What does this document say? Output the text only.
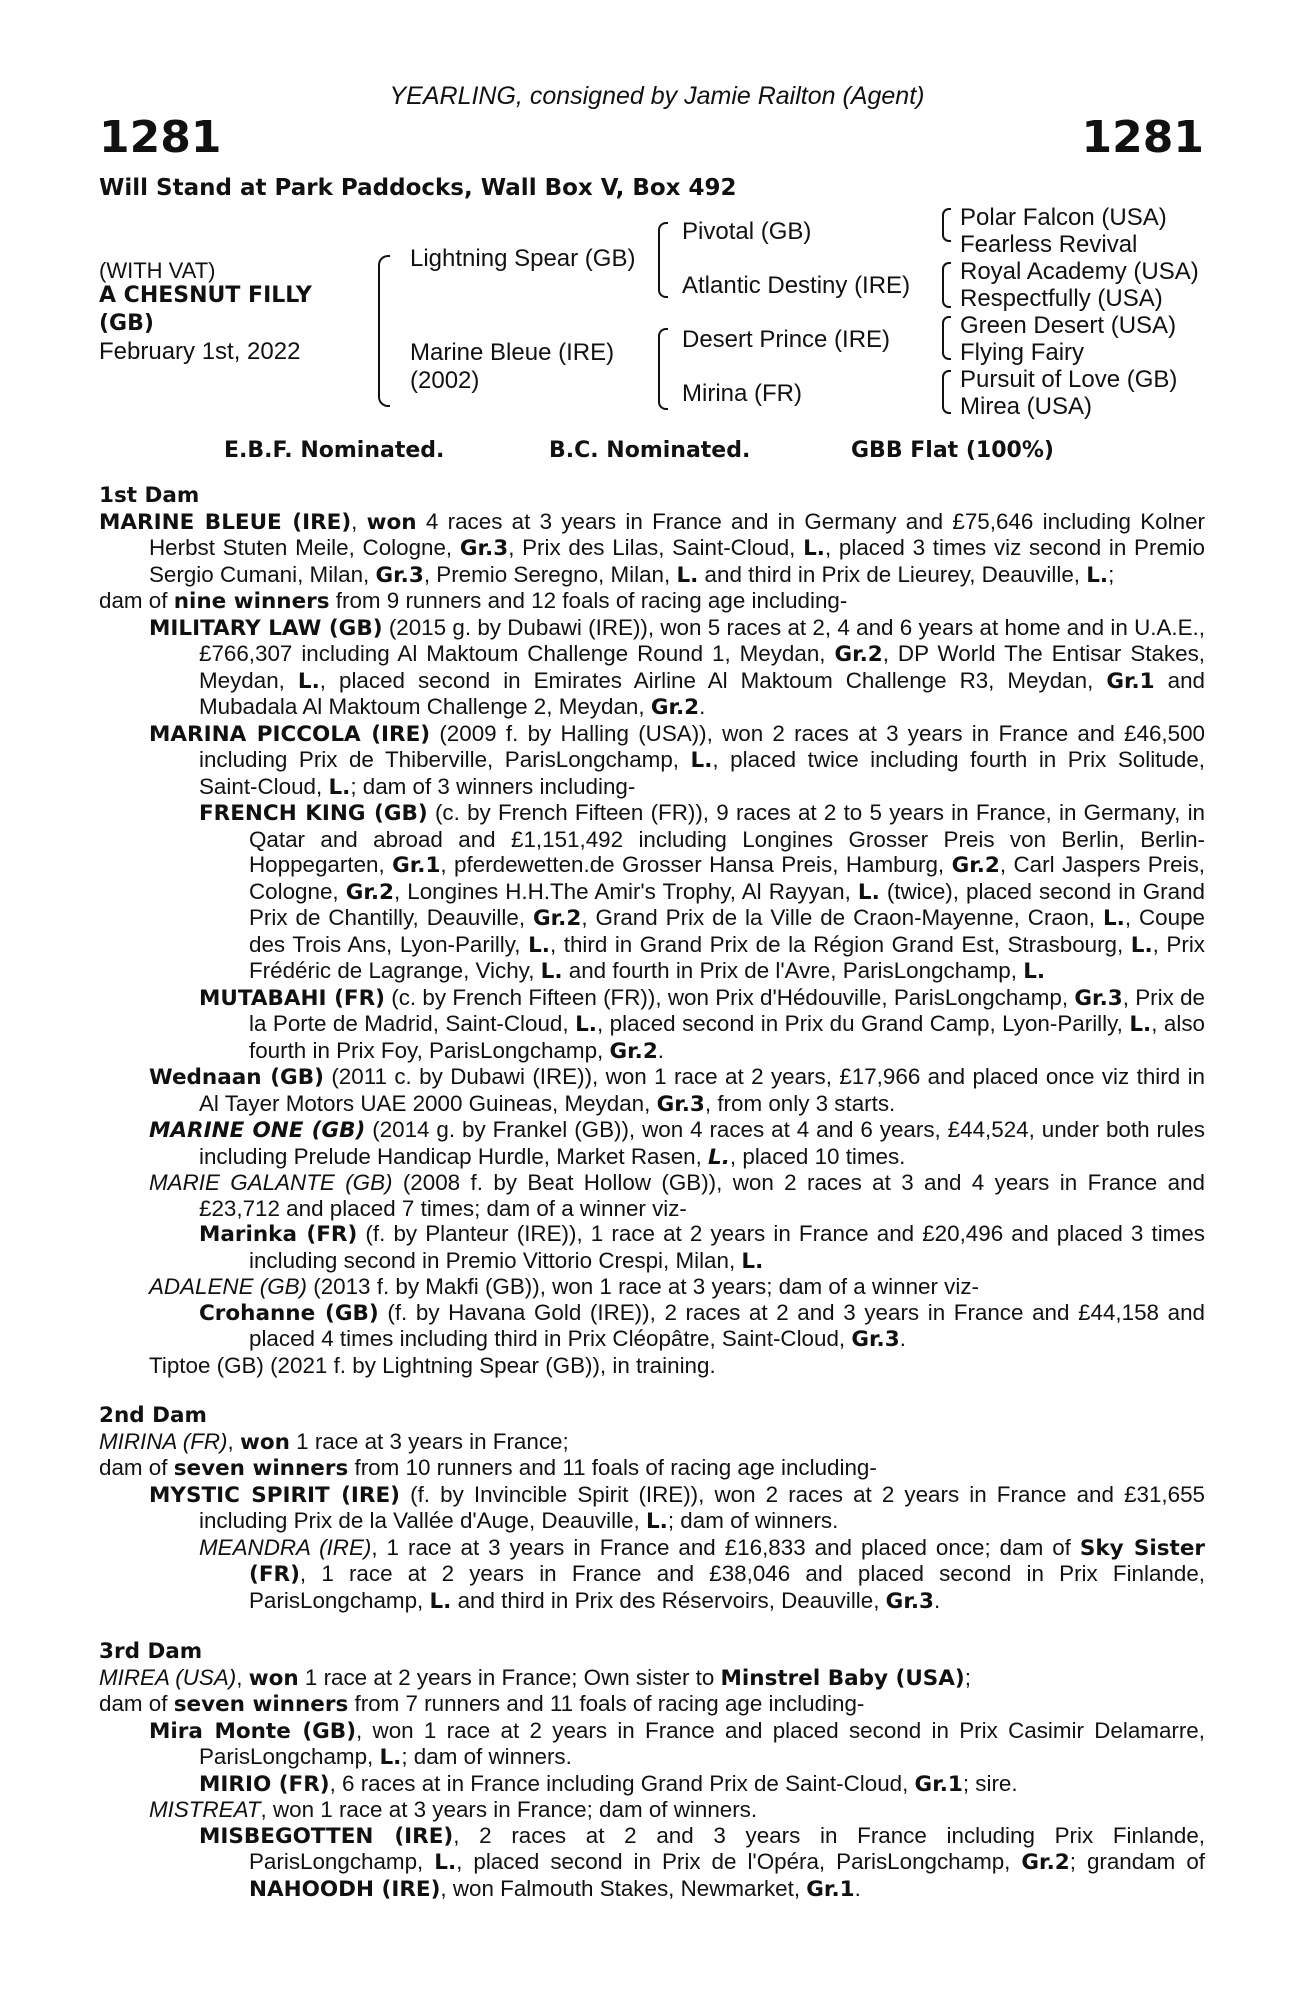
YEARLING, consigned by Jamie Railton (Agent)
1281	1281
Will Stand at Park Paddocks, Wall Box V, Box 492
(WITH VAT)
A CHESNUT FILLY
(GB)
February 1st, 2022
Lightning Spear (GB)
Marine Bleue (IRE)
(2002)
Pivotal (GB)
Atlantic Destiny (IRE)
Desert Prince (IRE)
Mirina (FR)
Polar Falcon (USA)
Fearless Revival
Royal Academy (USA)
Respectfully (USA)
Green Desert (USA)
Flying Fairy
Pursuit of Love (GB)
Mirea (USA)
E.B.F. Nominated.	B.C. Nominated.	GBB Flat (100%)

1st Dam

MARINE BLEUE (IRE), won 4 races at 3 years in France and in Germany and £75,646 including Kolner Herbst Stuten Meile, Cologne, Gr.3, Prix des Lilas, Saint-Cloud, L., placed 3 times viz second in Premio Sergio Cumani, Milan, Gr.3, Premio Seregno, Milan, L. and third in Prix de Lieurey, Deauville, L.;

dam of nine winners from 9 runners and 12 foals of racing age including-

MILITARY LAW (GB) (2015 g. by Dubawi (IRE)), won 5 races at 2, 4 and 6 years at home and in U.A.E., £766,307 including Al Maktoum Challenge Round 1, Meydan, Gr.2, DP World The Entisar Stakes, Meydan, L., placed second in Emirates Airline Al Maktoum Challenge R3, Meydan, Gr.1 and Mubadala Al Maktoum Challenge 2, Meydan, Gr.2.

MARINA PICCOLA (IRE) (2009 f. by Halling (USA)), won 2 races at 3 years in France and £46,500 including Prix de Thiberville, ParisLongchamp, L., placed twice including fourth in Prix Solitude, Saint-Cloud, L.; dam of 3 winners including-

FRENCH KING (GB) (c. by French Fifteen (FR)), 9 races at 2 to 5 years in France, in Germany, in Qatar and abroad and £1,151,492 including Longines Grosser Preis von Berlin, Berlin-Hoppegarten, Gr.1, pferdewetten.de Grosser Hansa Preis, Hamburg, Gr.2, Carl Jaspers Preis, Cologne, Gr.2, Longines H.H.The Amir's Trophy, Al Rayyan, L. (twice), placed second in Grand Prix de Chantilly, Deauville, Gr.2, Grand Prix de la Ville de Craon-Mayenne, Craon, L., Coupe des Trois Ans, Lyon-Parilly, L., third in Grand Prix de la Région Grand Est, Strasbourg, L., Prix Frédéric de Lagrange, Vichy, L. and fourth in Prix de l'Avre, ParisLongchamp, L.

MUTABAHI (FR) (c. by French Fifteen (FR)), won Prix d'Hédouville, ParisLongchamp, Gr.3, Prix de la Porte de Madrid, Saint-Cloud, L., placed second in Prix du Grand Camp, Lyon-Parilly, L., also fourth in Prix Foy, ParisLongchamp, Gr.2.

Wednaan (GB) (2011 c. by Dubawi (IRE)), won 1 race at 2 years, £17,966 and placed once viz third in Al Tayer Motors UAE 2000 Guineas, Meydan, Gr.3, from only 3 starts.

MARINE ONE (GB) (2014 g. by Frankel (GB)), won 4 races at 4 and 6 years, £44,524, under both rules including Prelude Handicap Hurdle, Market Rasen, L., placed 10 times.

MARIE GALANTE (GB) (2008 f. by Beat Hollow (GB)), won 2 races at 3 and 4 years in France and £23,712 and placed 7 times; dam of a winner viz-

Marinka (FR) (f. by Planteur (IRE)), 1 race at 2 years in France and £20,496 and placed 3 times including second in Premio Vittorio Crespi, Milan, L.

ADALENE (GB) (2013 f. by Makfi (GB)), won 1 race at 3 years; dam of a winner viz-

Crohanne (GB) (f. by Havana Gold (IRE)), 2 races at 2 and 3 years in France and £44,158 and placed 4 times including third in Prix Cléopâtre, Saint-Cloud, Gr.3.

Tiptoe (GB) (2021 f. by Lightning Spear (GB)), in training.

2nd Dam

MIRINA (FR), won 1 race at 3 years in France;

dam of seven winners from 10 runners and 11 foals of racing age including-

MYSTIC SPIRIT (IRE) (f. by Invincible Spirit (IRE)), won 2 races at 2 years in France and £31,655 including Prix de la Vallée d'Auge, Deauville, L.; dam of winners.

MEANDRA (IRE), 1 race at 3 years in France and £16,833 and placed once; dam of Sky Sister (FR), 1 race at 2 years in France and £38,046 and placed second in Prix Finlande, ParisLongchamp, L. and third in Prix des Réservoirs, Deauville, Gr.3.

3rd Dam

MIREA (USA), won 1 race at 2 years in France; Own sister to Minstrel Baby (USA);

dam of seven winners from 7 runners and 11 foals of racing age including-

Mira Monte (GB), won 1 race at 2 years in France and placed second in Prix Casimir Delamarre, ParisLongchamp, L.; dam of winners.

MIRIO (FR), 6 races at in France including Grand Prix de Saint-Cloud, Gr.1; sire.

MISTREAT, won 1 race at 3 years in France; dam of winners.

MISBEGOTTEN (IRE), 2 races at 2 and 3 years in France including Prix Finlande, ParisLongchamp, L., placed second in Prix de l'Opéra, ParisLongchamp, Gr.2; grandam of NAHOODH (IRE), won Falmouth Stakes, Newmarket, Gr.1.
